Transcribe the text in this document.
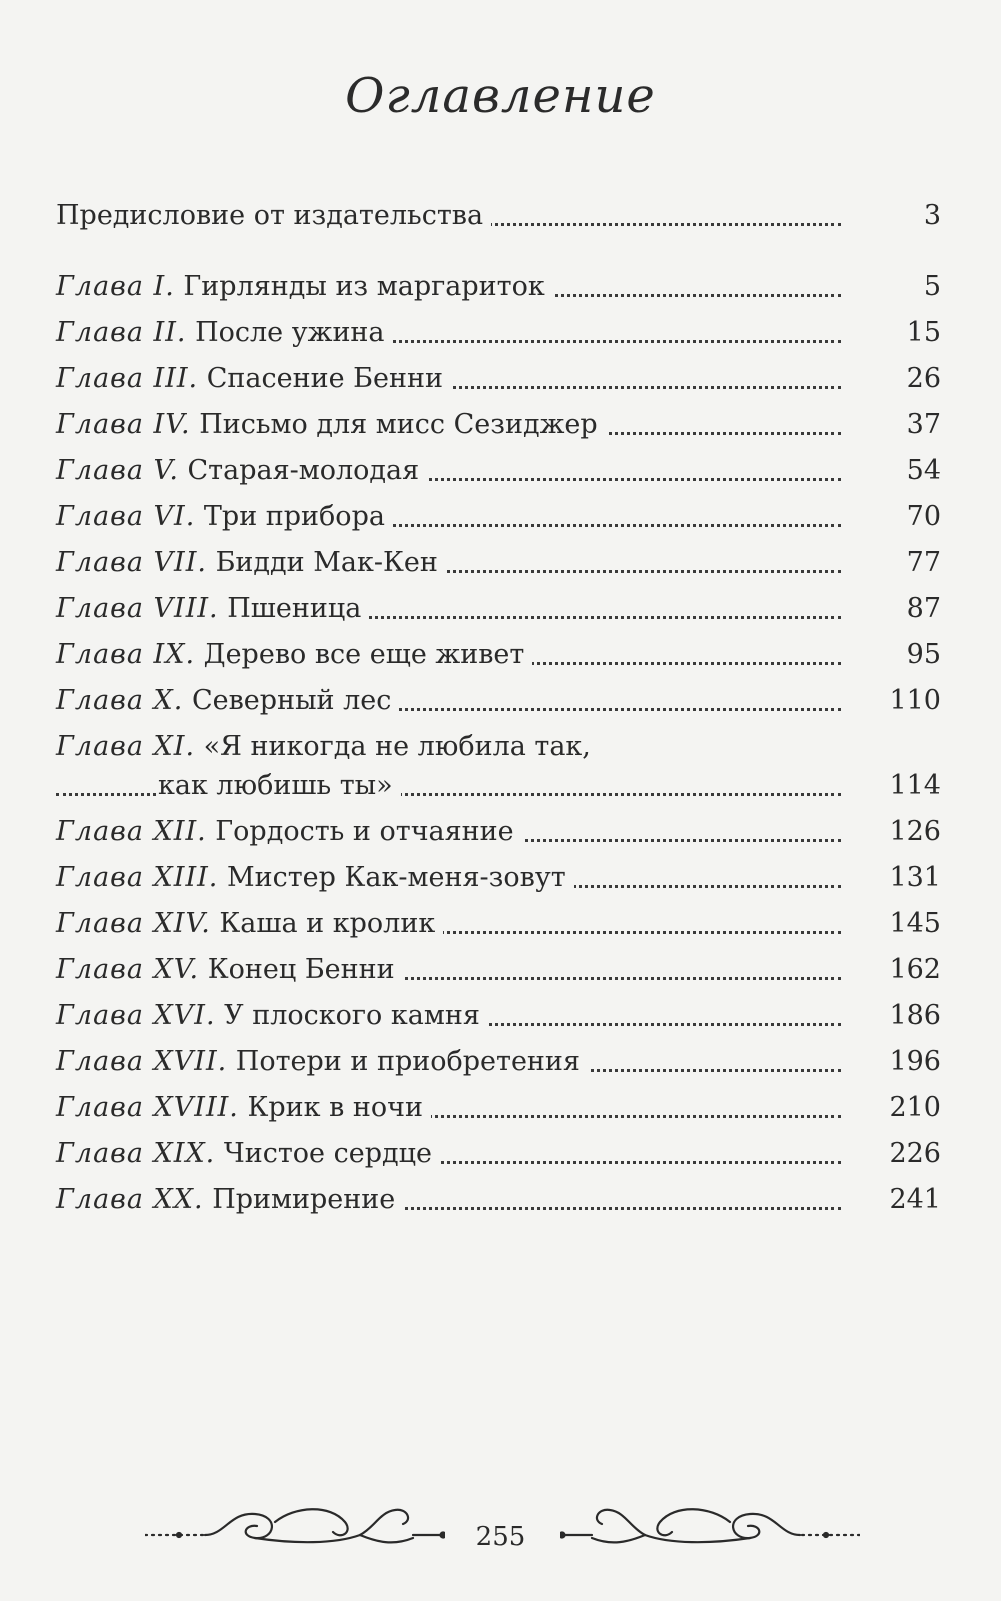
Оглавление
Предисловие от издательства	3
Глава I. Гирлянды из маргариток	5
Глава II. После ужина	15
Глава III. Спасение Бенни	26
Глава IV. Письмо для мисс Сезиджер	37
Глава V. Старая-молодая	54
Глава VI. Три прибора	70
Глава VII. Бидди Мак-Кен	77
Глава VIII. Пшеница	87
Глава IX. Дерево все еще живет	95
Глава X. Северный лес	110
Глава XI. «Я никогда не любила так,
как любишь ты»	114
Глава XII. Гордость и отчаяние	126
Глава XIII. Мистер Как-меня-зовут	131
Глава XIV. Каша и кролик	145
Глава XV. Конец Бенни	162
Глава XVI. У плоского камня	186
Глава XVII. Потери и приобретения	196
Глава XVIII. Крик в ночи	210
Глава XIX. Чистое сердце	226
Глава XX. Примирение	241
255
